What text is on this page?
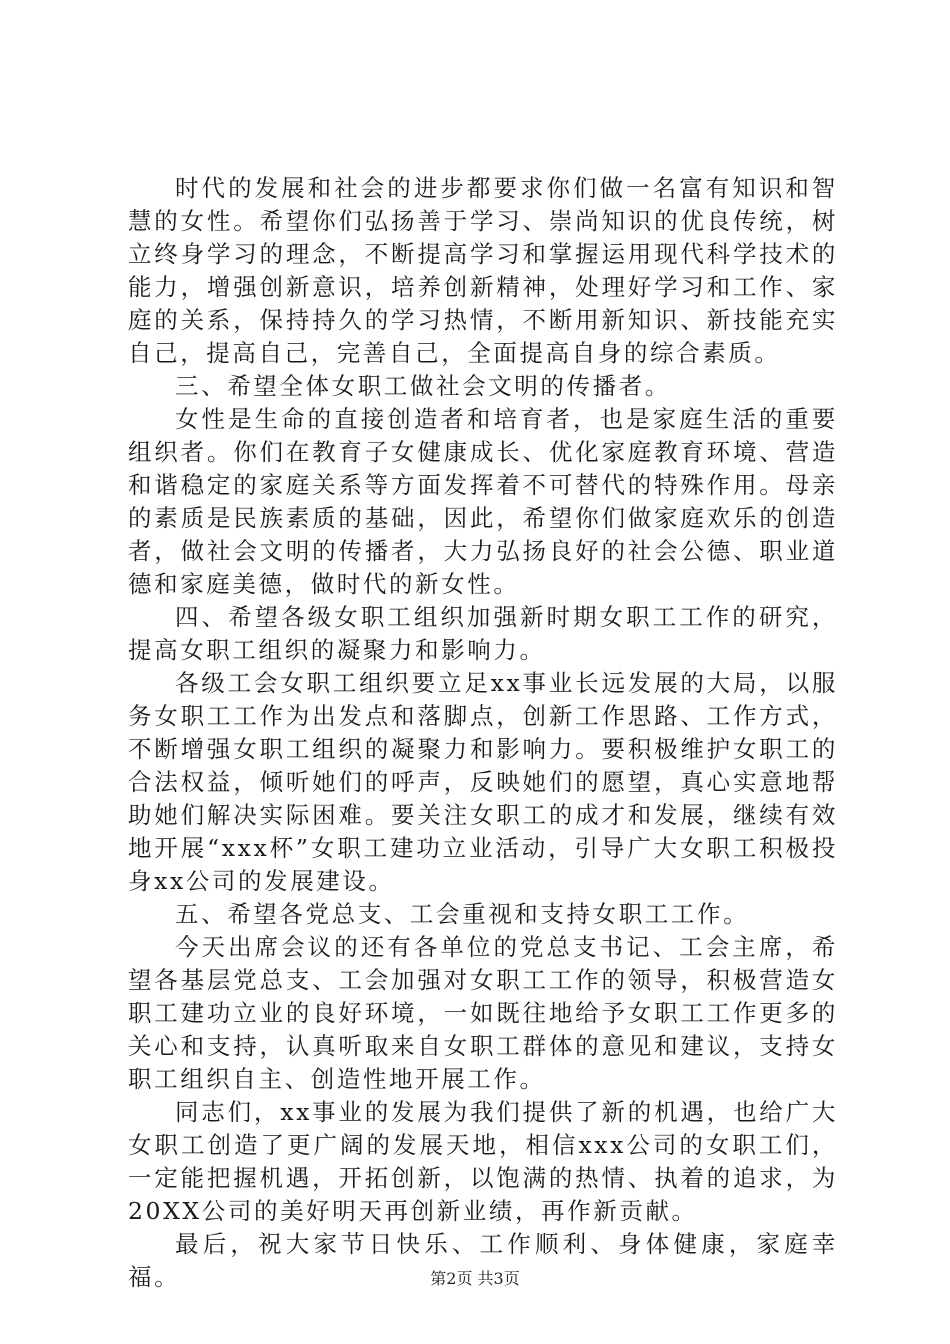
时代的发展和社会的进步都要求你们做一名富有知识和智慧的女性。希望你们弘扬善于学习、崇尚知识的优良传统，树立终身学习的理念，不断提高学习和掌握运用现代科学技术的能力，增强创新意识，培养创新精神，处理好学习和工作、家庭的关系，保持持久的学习热情，不断用新知识、新技能充实自己，提高自己，完善自己，全面提高自身的综合素质。

三、希望全体女职工做社会文明的传播者。

女性是生命的直接创造者和培育者，也是家庭生活的重要组织者。你们在教育子女健康成长、优化家庭教育环境、营造和谐稳定的家庭关系等方面发挥着不可替代的特殊作用。母亲的素质是民族素质的基础，因此，希望你们做家庭欢乐的创造者，做社会文明的传播者，大力弘扬良好的社会公德、职业道德和家庭美德，做时代的新女性。

四、希望各级女职工组织加强新时期女职工工作的研究，提高女职工组织的凝聚力和影响力。

各级工会女职工组织要立足xx事业长远发展的大局，以服务女职工工作为出发点和落脚点，创新工作思路、工作方式，不断增强女职工组织的凝聚力和影响力。要积极维护女职工的合法权益，倾听她们的呼声，反映她们的愿望，真心实意地帮助她们解决实际困难。要关注女职工的成才和发展，继续有效地开展“xxx杯”女职工建功立业活动，引导广大女职工积极投身xx公司的发展建设。

五、希望各党总支、工会重视和支持女职工工作。

今天出席会议的还有各单位的党总支书记、工会主席，希望各基层党总支、工会加强对女职工工作的领导，积极营造女职工建功立业的良好环境，一如既往地给予女职工工作更多的关心和支持，认真听取来自女职工群体的意见和建议，支持女职工组织自主、创造性地开展工作。

同志们，xx事业的发展为我们提供了新的机遇，也给广大女职工创造了更广阔的发展天地，相信xxx公司的女职工们，一定能把握机遇，开拓创新，以饱满的热情、执着的追求，为20XX公司的美好明天再创新业绩，再作新贡献。

最后，祝大家节日快乐、工作顺利、身体健康，家庭幸福。	第2页 共3页
